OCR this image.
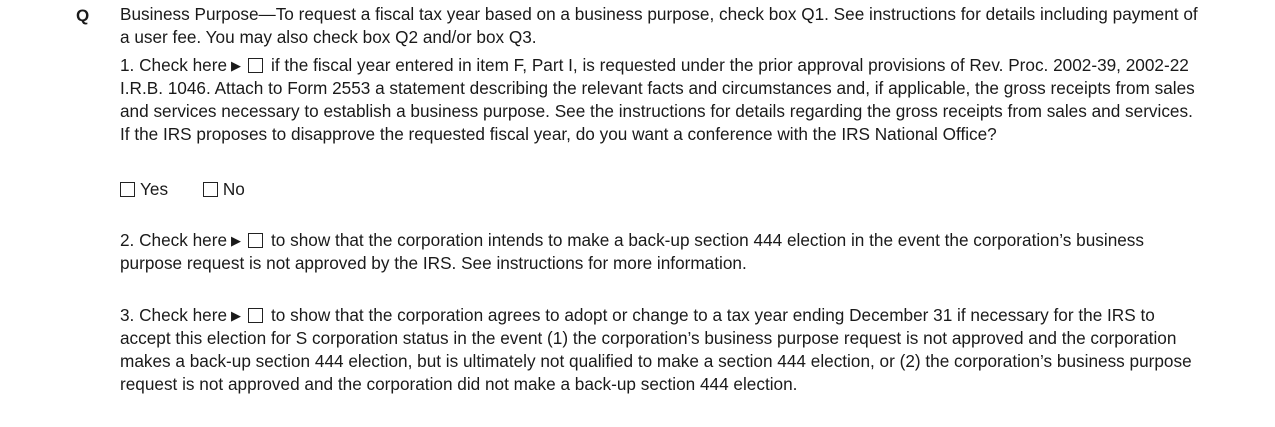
Q Business Purpose—To request a fiscal tax year based on a business purpose, check box Q1. See instructions for details including payment of a user fee. You may also check box Q2 and/or box Q3.

1. Check here ▶ if the fiscal year entered in item F, Part I, is requested under the prior approval provisions of Rev. Proc. 2002-39, 2002-22 I.R.B. 1046. Attach to Form 2553 a statement describing the relevant facts and circumstances and, if applicable, the gross receipts from sales and services necessary to establish a business purpose. See the instructions for details regarding the gross receipts from sales and services. If the IRS proposes to disapprove the requested fiscal year, do you want a conference with the IRS National Office?

Yes
	No

2. Check here ▶ to show that the corporation intends to make a back-up section 444 election in the event the corporation’s business purpose request is not approved by the IRS. See instructions for more information.

3. Check here ▶ to show that the corporation agrees to adopt or change to a tax year ending December 31 if necessary for the IRS to accept this election for S corporation status in the event (1) the corporation’s business purpose request is not approved and the corporation makes a back-up section 444 election, but is ultimately not qualified to make a section 444 election, or (2) the corporation’s business purpose request is not approved and the corporation did not make a back-up section 444 election.
